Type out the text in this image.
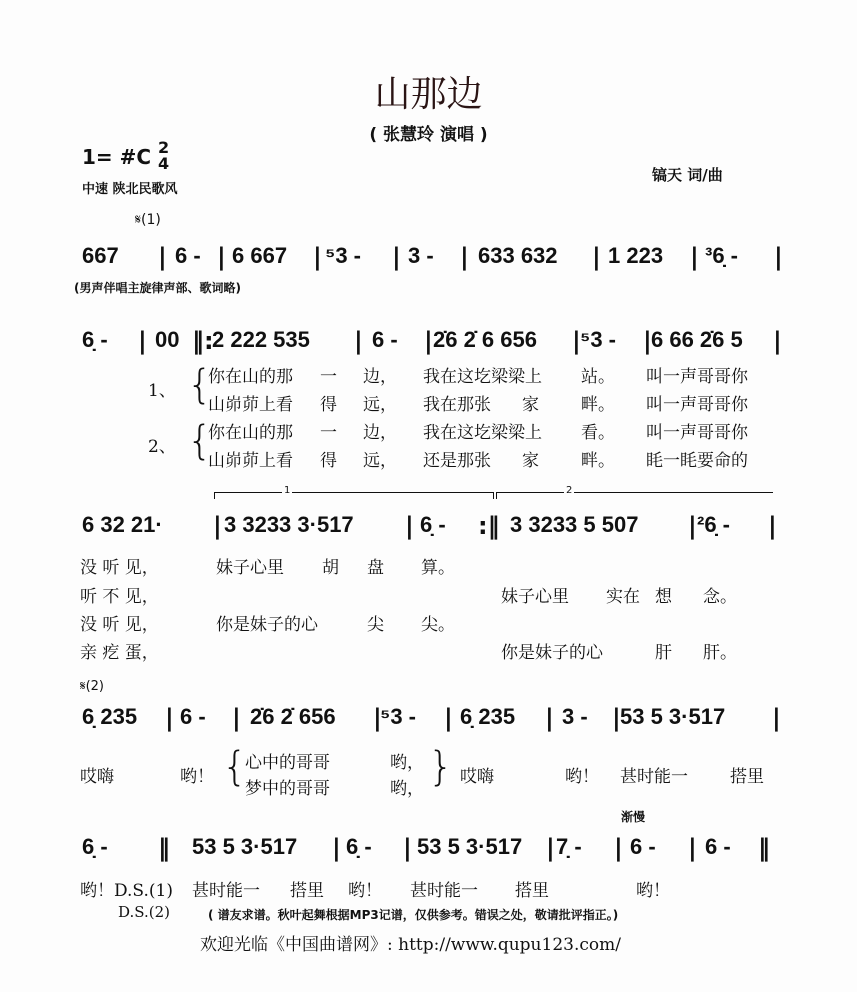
山那边
( 张慧玲 演唱 )
1= #C 2
4
中速 陕北民歌风
镐天 词/曲
𝄋(1)
667 | 6 - | 6 667 | ⁵3 - | 3 - | 633 632 | 1 223 | ³6̣ - |
(男声伴唱主旋律声部、歌词略)
6̣ - | 00 ‖:
2 222 535 | 6 - | 2̇6 2̇ 6 656 | ⁵3 - | 6 66 2̇6 5 |
1、
2、
{
{
你在山的那 一 边， 我在这圪梁梁上 站。 叫一声哥哥你
山峁茆上看 得 远， 我在那张 家 畔。 叫一声哥哥你
你在山的那 一 边， 我在这圪梁梁上 看。 叫一声哥哥你
山峁茆上看 得 远， 还是那张 家 畔。 眊一眊要命的
1	2
6 32 21· | 3 3233 3·517 | 6̣ - :‖ 3 3233 5 507 | ²6̣ - |
没 听 见，	妹子心里 胡 盘 算。
听 不 见，	妹子心里 实在 想 念。
没 听 见，	你是妹子的心	尖 尖。
亲 疙 蛋，	你是妹子的心	肝 肝。
𝄋(2)
6̣ 235 | 6 - | 2̇6 2̇ 656 |
⁵3 - | 6̣ 235 | 3 - | 53 5 3·517 |
哎嗨	哟！ {
心中的哥哥	哟，
梦中的哥哥	哟， } 哎嗨	哟！ 甚时能一 搭里
渐慢
6̣ - ‖ 53 5 3·517 | 6̣ - | 53 5 3·517 | 7̣ - | 6 - | 6 - ‖
哟！D.S.(1) 甚时能一 搭里 哟！ 甚时能一 搭里	哟！
D.S.(2)	( 谱友求谱。秋叶起舞根据MP3记谱，仅供参考。错误之处，敬请批评指正。)
欢迎光临《中国曲谱网》: http://www.qupu123.com/
